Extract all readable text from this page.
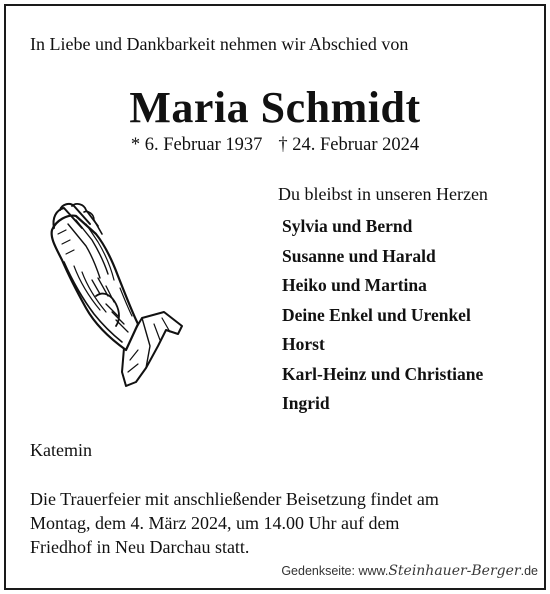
In Liebe und Dankbarkeit nehmen wir Abschied von
Maria Schmidt
* 6. Februar 1937 † 24. Februar 2024
Du bleibst in unseren Herzen
Sylvia und Bernd
Susanne und Harald
Heiko und Martina
Deine Enkel und Urenkel
Horst
Karl-Heinz und Christiane
Ingrid
Katemin
Die Trauerfeier mit anschließender Beisetzung findet am
Montag, dem 4. März 2024, um 14.00 Uhr auf dem
Friedhof in Neu Darchau statt.
Gedenkseite: www.Steinhauer-Berger.de
